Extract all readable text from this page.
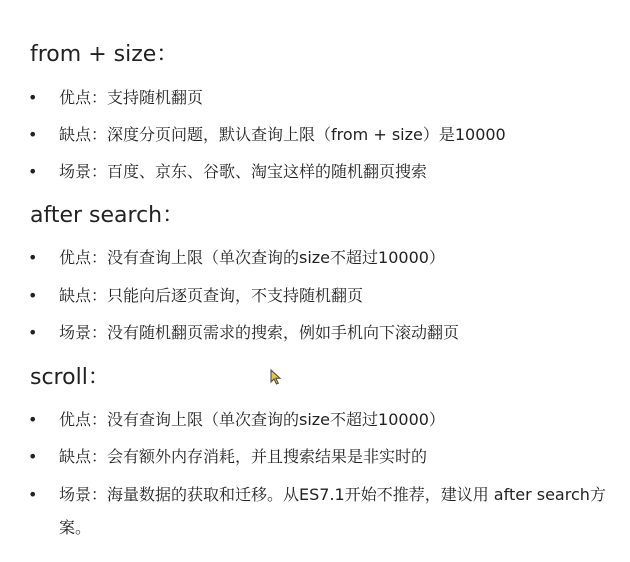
from + size：
•	优点：支持随机翻页
•	缺点：深度分页问题，默认查询上限（from + size）是10000
•	场景：百度、京东、谷歌、淘宝这样的随机翻页搜索
after search：
•	优点：没有查询上限（单次查询的size不超过10000）
•	缺点：只能向后逐页查询，不支持随机翻页
•	场景：没有随机翻页需求的搜索，例如手机向下滚动翻页
scroll：
•	优点：没有查询上限（单次查询的size不超过10000）
•	缺点：会有额外内存消耗，并且搜索结果是非实时的
•	场景：海量数据的获取和迁移。从ES7.1开始不推荐，建议用 after search方案。
